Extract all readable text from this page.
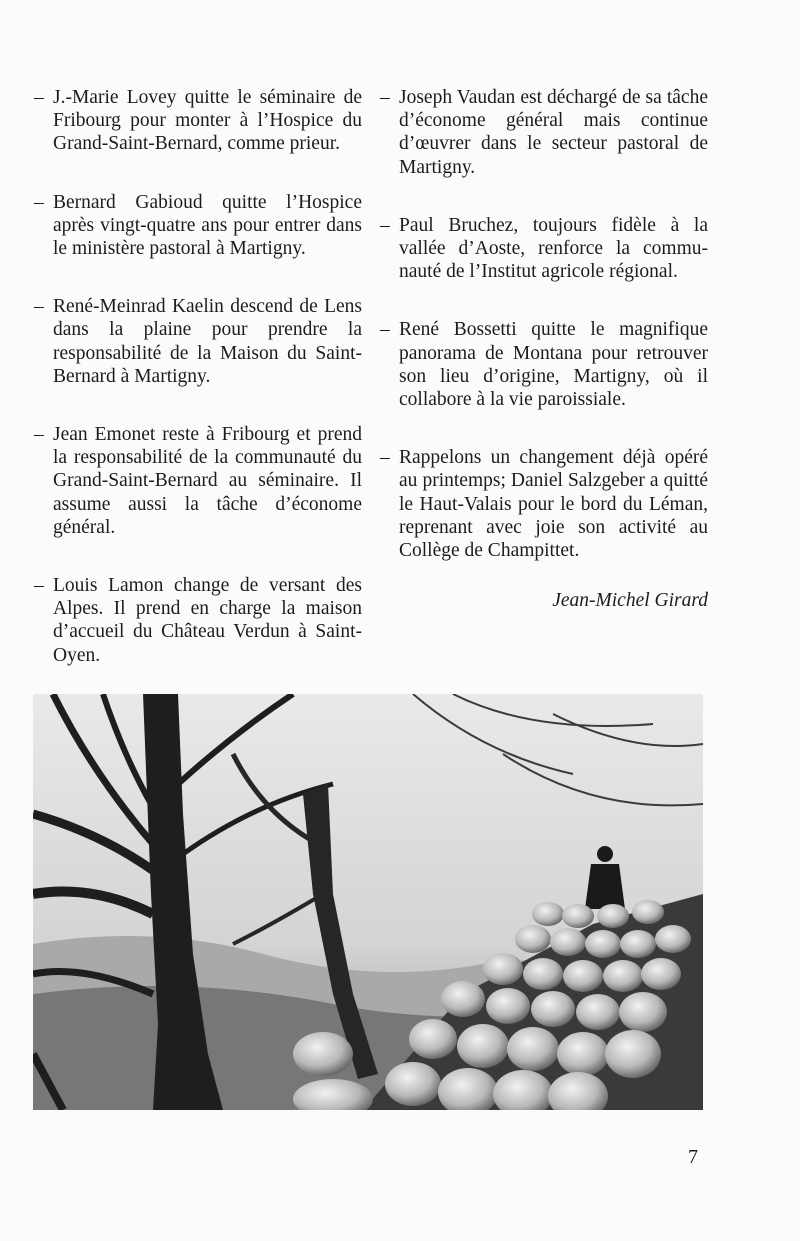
– J.-Marie Lovey quitte le séminaire de Fribourg pour monter à l’Hospice du Grand-Saint-Bernard, comme prieur.
– Bernard Gabioud quitte l’Hospice après vingt-quatre ans pour entrer dans le ministère pastoral à Martigny.
– René-Meinrad Kaelin descend de Lens dans la plaine pour prendre la responsabilité de la Maison du Saint-Bernard à Martigny.
– Jean Emonet reste à Fribourg et prend la responsabilité de la communauté du Grand-Saint-Bernard au séminaire. Il assume aussi la tâche d’économe général.
– Louis Lamon change de versant des Alpes. Il prend en charge la maison d’accueil du Château Verdun à Saint-Oyen.
– Joseph Vaudan est déchargé de sa tâche d’économe général mais continue d’œuvrer dans le secteur pastoral de Martigny.
– Paul Bruchez, toujours fidèle à la vallée d’Aoste, renforce la communauté de l’Institut agricole régional.
– René Bossetti quitte le magnifique panorama de Montana pour retrouver son lieu d’origine, Martigny, où il collabore à la vie paroissiale.
– Rappelons un changement déjà opéré au printemps; Daniel Salzgeber a quitté le Haut-Valais pour le bord du Léman, reprenant avec joie son activité au Collège de Champittet.
Jean-Michel Girard
7
